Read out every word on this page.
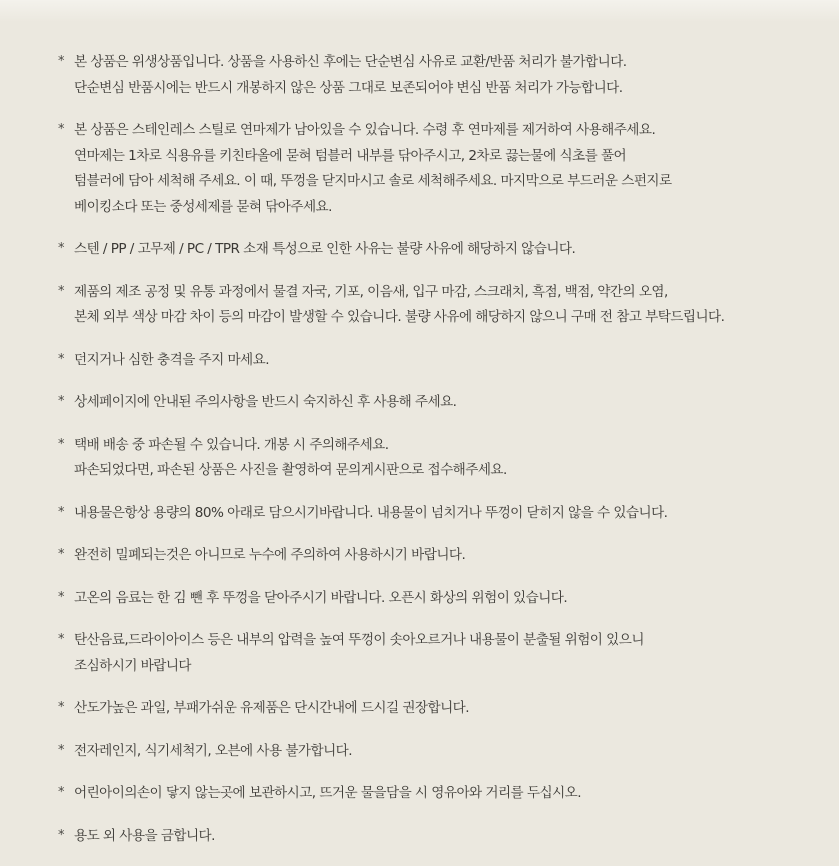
* 본 상품은 위생상품입니다. 상품을 사용하신 후에는 단순변심 사유로 교환/반품 처리가 불가합니다.
단순변심 반품시에는 반드시 개봉하지 않은 상품 그대로 보존되어야 변심 반품 처리가 가능합니다.
* 본 상품은 스테인레스 스틸로 연마제가 남아있을 수 있습니다. 수령 후 연마제를 제거하여 사용해주세요.
연마제는 1차로 식용유를 키친타올에 묻혀 텀블러 내부를 닦아주시고, 2차로 끓는물에 식초를 풀어
텀블러에 담아 세척해 주세요. 이 때, 뚜껑을 닫지마시고 솔로 세척해주세요. 마지막으로 부드러운 스펀지로
베이킹소다 또는 중성세제를 묻혀 닦아주세요.
* 스텐 / PP / 고무제 / PC / TPR 소재 특성으로 인한 사유는 불량 사유에 해당하지 않습니다.
* 제품의 제조 공정 및 유통 과정에서 물결 자국, 기포, 이음새, 입구 마감, 스크래치, 흑점, 백점, 약간의 오염,
본체 외부 색상 마감 차이 등의 마감이 발생할 수 있습니다. 불량 사유에 해당하지 않으니 구매 전 참고 부탁드립니다.
* 던지거나 심한 충격을 주지 마세요.
* 상세페이지에 안내된 주의사항을 반드시 숙지하신 후 사용해 주세요.
* 택배 배송 중 파손될 수 있습니다. 개봉 시 주의해주세요.
파손되었다면, 파손된 상품은 사진을 촬영하여 문의게시판으로 접수해주세요.
* 내용물은항상 용량의 80% 아래로 담으시기바랍니다. 내용물이 넘치거나 뚜껑이 닫히지 않을 수 있습니다.
* 완전히 밀폐되는것은 아니므로 누수에 주의하여 사용하시기 바랍니다.
* 고온의 음료는 한 김 뺀 후 뚜껑을 닫아주시기 바랍니다. 오픈시 화상의 위험이 있습니다.
* 탄산음료,드라이아이스 등은 내부의 압력을 높여 뚜껑이 솟아오르거나 내용물이 분출될 위험이 있으니
조심하시기 바랍니다
* 산도가높은 과일, 부패가쉬운 유제품은 단시간내에 드시길 권장합니다.
* 전자레인지, 식기세척기, 오븐에 사용 불가합니다.
* 어린아이의손이 닿지 않는곳에 보관하시고, 뜨거운 물을담을 시 영유아와 거리를 두십시오.
* 용도 외 사용을 금합니다.
